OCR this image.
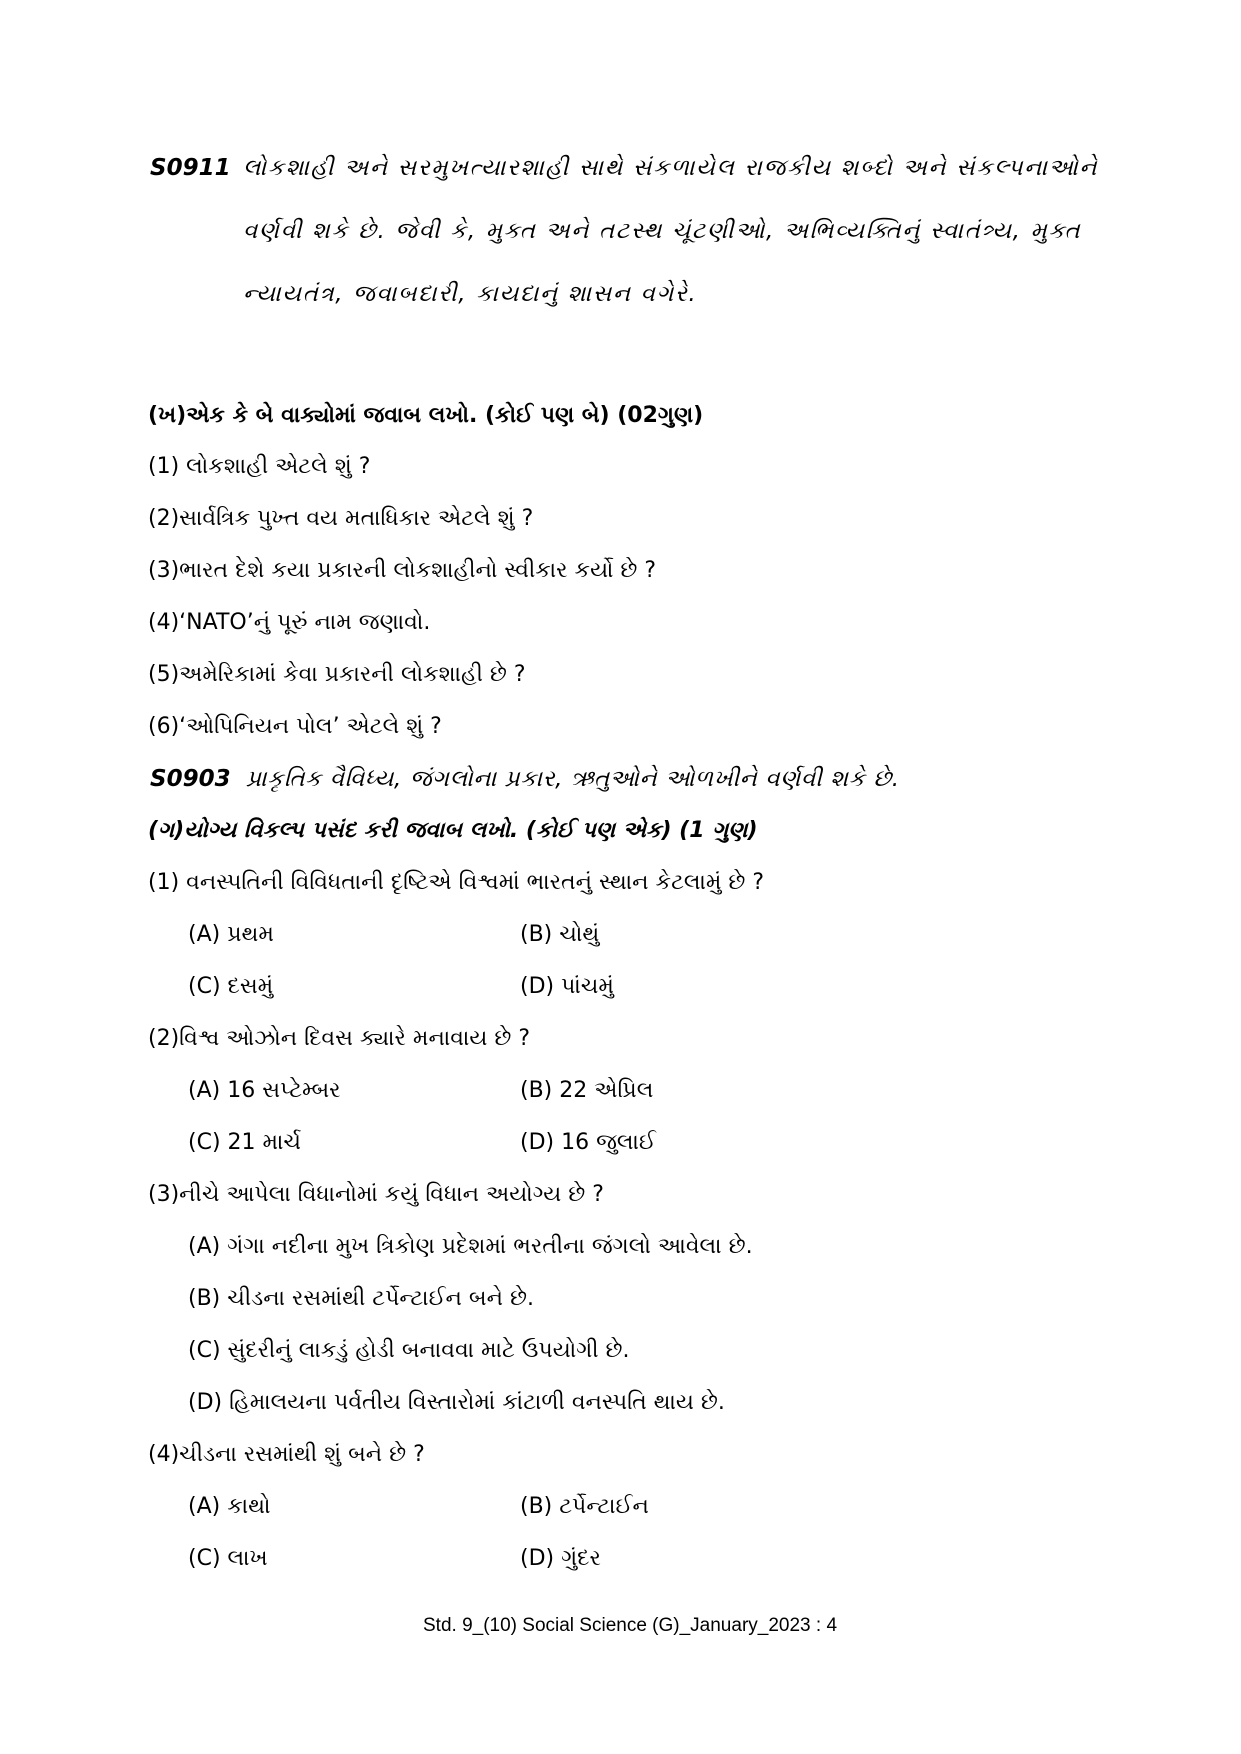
S0911 લોકશાહી અને સરમુખત્યારશાહી સાથે સંકળાયેલ રાજકીય શબ્દો અને સંકલ્પનાઓને
વર્ણવી શકે છે. જેવી કે, મુક્ત અને તટસ્થ ચૂંટણીઓ, અભિવ્યક્તિનું સ્વાતંત્ર્ય, મુક્ત
ન્યાયતંત્ર, જવાબદારી, કાયદાનું શાસન વગેરે.
(ખ)એક કે બે વાક્યોમાં જવાબ લખો. (કોઈ પણ બે) (02ગુણ)
(1) લોકશાહી એટલે શું ?
(2)સાર્વત્રિક પુખ્ત વય મતાધિકાર એટલે શું ?
(3)ભારત દેશે કયા પ્રકારની લોકશાહીનો સ્વીકાર કર્યો છે ?
(4)‘NATO’નું પૂરું નામ જણાવો.
(5)અમેરિકામાં કેવા પ્રકારની લોકશાહી છે ?
(6)‘ઓપિનિયન પોલ’ એટલે શું ?
S0903 પ્રાકૃતિક વૈવિધ્ય, જંગલોના પ્રકાર, ઋતુઓને ઓળખીને વર્ણવી શકે છે.
(ગ)યોગ્ય વિકલ્પ પસંદ કરી જવાબ લખો. (કોઈ પણ એક) (1 ગુણ)
(1) વનસ્પતિની વિવિધતાની દૃષ્ટિએ વિશ્વમાં ભારતનું સ્થાન કેટલામું છે ?
(A) પ્રથમ	(B) ચોથું
(C) દસમું	(D) પાંચમું
(2)વિશ્વ ઓઝોન દિવસ ક્યારે મનાવાય છે ?
(A) 16 સપ્ટેમ્બર	(B) 22 એપ્રિલ
(C) 21 માર્ચ	(D) 16 જુલાઈ
(3)નીચે આપેલા વિધાનોમાં કયું વિધાન અયોગ્ય છે ?
(A) ગંગા નદીના મુખ ત્રિકોણ પ્રદેશમાં ભરતીના જંગલો આવેલા છે.
(B) ચીડના રસમાંથી ટર્પેન્ટાઈન બને છે.
(C) સુંદરીનું લાકડું હોડી બનાવવા માટે ઉપયોગી છે.
(D) હિમાલયના પર્વતીય વિસ્તારોમાં કાંટાળી વનસ્પતિ થાય છે.
(4)ચીડના રસમાંથી શું બને છે ?
(A) કાથો	(B) ટર્પેન્ટાઈન
(C) લાખ	(D) ગુંદર
Std. 9_(10) Social Science (G)_January_2023 : 4
